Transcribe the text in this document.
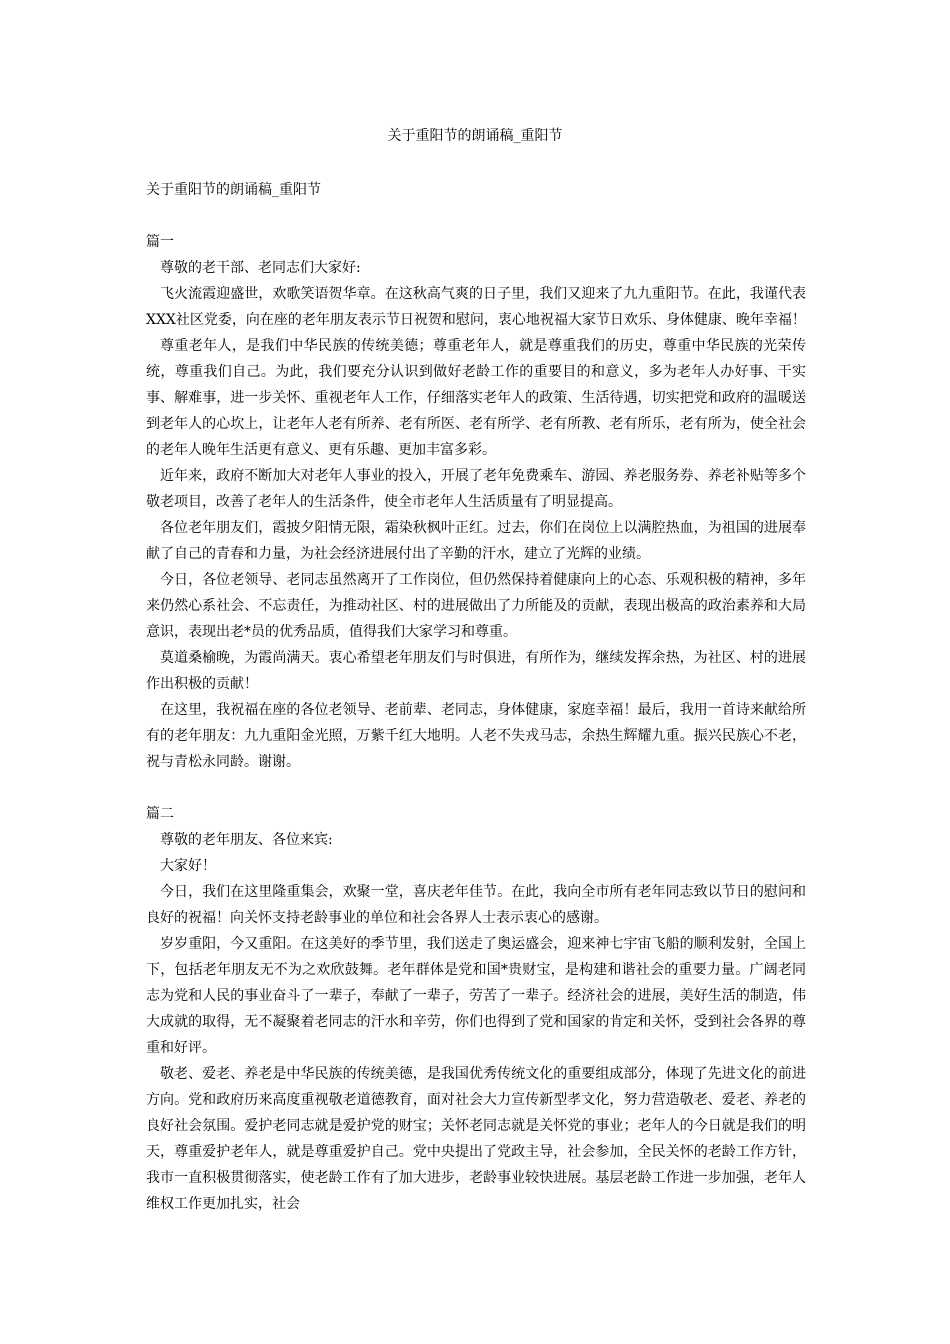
关于重阳节的朗诵稿_重阳节

关于重阳节的朗诵稿_重阳节

篇一

尊敬的老干部、老同志们大家好:

飞火流霞迎盛世，欢歌笑语贺华章。在这秋高气爽的日子里，我们又迎来了九九重阳节。在此，我谨代表XXX社区党委，向在座的老年朋友表示节日祝贺和慰问，衷心地祝福大家节日欢乐、身体健康、晚年幸福！

尊重老年人，是我们中华民族的传统美德；尊重老年人，就是尊重我们的历史，尊重中华民族的光荣传统，尊重我们自己。为此，我们要充分认识到做好老龄工作的重要目的和意义，多为老年人办好事、干实事、解难事，进一步关怀、重视老年人工作，仔细落实老年人的政策、生活待遇，切实把党和政府的温暖送到老年人的心坎上，让老年人老有所养、老有所医、老有所学、老有所教、老有所乐，老有所为，使全社会的老年人晚年生活更有意义、更有乐趣、更加丰富多彩。

近年来，政府不断加大对老年人事业的投入，开展了老年免费乘车、游园、养老服务券、养老补贴等多个敬老项目，改善了老年人的生活条件，使全市老年人生活质量有了明显提高。

各位老年朋友们，霞披夕阳情无限，霜染秋枫叶正红。过去，你们在岗位上以满腔热血，为祖国的进展奉献了自己的青春和力量，为社会经济进展付出了辛勤的汗水，建立了光辉的业绩。

今日，各位老领导、老同志虽然离开了工作岗位，但仍然保持着健康向上的心态、乐观积极的精神，多年来仍然心系社会、不忘责任，为推动社区、村的进展做出了力所能及的贡献，表现出极高的政治素养和大局意识，表现出老*员的优秀品质，值得我们大家学习和尊重。

莫道桑榆晚，为霞尚满天。衷心希望老年朋友们与时俱进，有所作为，继续发挥余热，为社区、村的进展作出积极的贡献！

在这里，我祝福在座的各位老领导、老前辈、老同志，身体健康，家庭幸福！最后，我用一首诗来献给所有的老年朋友：九九重阳金光照，万紫千红大地明。人老不失戎马志，余热生辉耀九重。振兴民族心不老，祝与青松永同龄。谢谢。

篇二

尊敬的老年朋友、各位来宾:

大家好！

今日，我们在这里隆重集会，欢聚一堂，喜庆老年佳节。在此，我向全市所有老年同志致以节日的慰问和良好的祝福！向关怀支持老龄事业的单位和社会各界人士表示衷心的感谢。

岁岁重阳，今又重阳。在这美好的季节里，我们送走了奥运盛会，迎来神七宇宙飞船的顺利发射，全国上下，包括老年朋友无不为之欢欣鼓舞。老年群体是党和国*贵财宝，是构建和谐社会的重要力量。广阔老同志为党和人民的事业奋斗了一辈子，奉献了一辈子，劳苦了一辈子。经济社会的进展，美好生活的制造，伟大成就的取得，无不凝聚着老同志的汗水和辛劳，你们也得到了党和国家的肯定和关怀，受到社会各界的尊重和好评。

敬老、爱老、养老是中华民族的传统美德，是我国优秀传统文化的重要组成部分，体现了先进文化的前进方向。党和政府历来高度重视敬老道德教育，面对社会大力宣传新型孝文化，努力营造敬老、爱老、养老的良好社会氛围。爱护老同志就是爱护党的财宝；关怀老同志就是关怀党的事业；老年人的今日就是我们的明天，尊重爱护老年人，就是尊重爱护自己。党中央提出了党政主导，社会参加，全民关怀的老龄工作方针，我市一直积极贯彻落实，使老龄工作有了加大进步，老龄事业较快进展。基层老龄工作进一步加强，老年人维权工作更加扎实，社会
